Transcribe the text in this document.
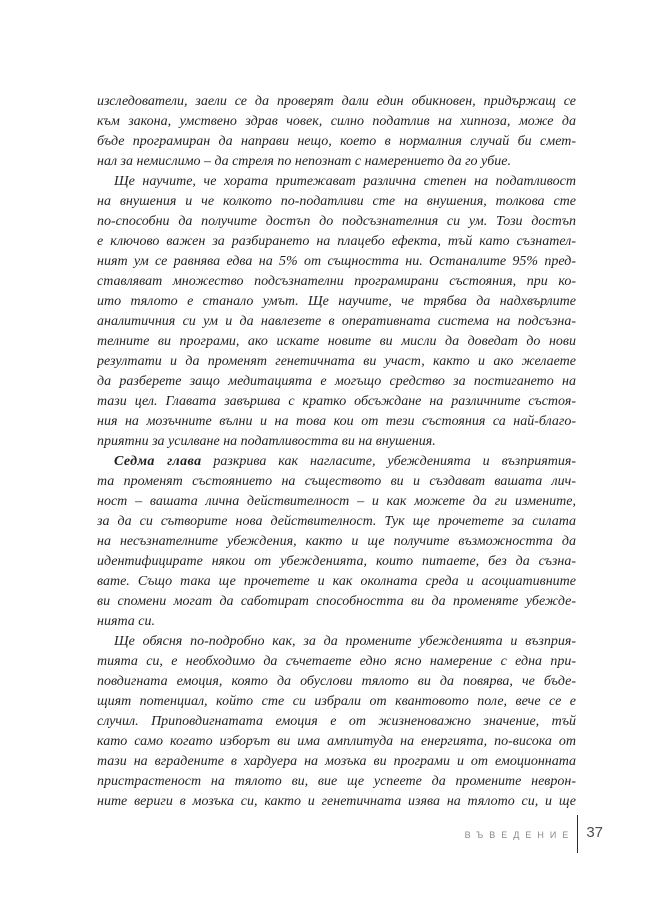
изследователи, заели се да проверят дали един обикновен, придържащ се
към закона, умствено здрав човек, силно податлив на хипноза, може да
бъде програмиран да направи нещо, което в нормалния случай би смет-
нал за немислимо – да стреля по непознат с намерението да го убие.
Ще научите, че хората притежават различна степен на податливост
на внушения и че колкото по-податливи сте на внушения, толкова сте
по-способни да получите достъп до подсъзнателния си ум. Този достъп
е ключово важен за разбирането на плацебо ефекта, тъй като съзнател-
ният ум се равнява едва на 5% от същността ни. Останалите 95% пред-
ставляват множество подсъзнателни програмирани състояния, при ко-
ито тялото е станало умът. Ще научите, че трябва да надхвърлите
аналитичния си ум и да навлезете в оперативната система на подсъзна-
телните ви програми, ако искате новите ви мисли да доведат до нови
резултати и да променят генетичната ви участ, както и ако желаете
да разберете защо медитацията е могъщо средство за постигането на
тази цел. Главата завършва с кратко обсъждане на различните състоя-
ния на мозъчните вълни и на това кои от тези състояния са най-благо-
приятни за усилване на податливостта ви на внушения.
Седма глава разкрива как нагласите, убежденията и възприятия-
та променят състоянието на съществото ви и създават вашата лич-
ност – вашата лична действителност – и как можете да ги измените,
за да си сътворите нова действителност. Тук ще прочетете за силата
на несъзнателните убеждения, както и ще получите възможността да
идентифицирате някои от убежденията, които питаете, без да съзна-
вате. Също така ще прочетете и как околната среда и асоциативните
ви спомени могат да саботират способността ви да променяте убежде-
нията си.
Ще обясня по-подробно как, за да промените убежденията и възприя-
тията си, е необходимо да съчетаете едно ясно намерение с една при-
повдигната емоция, която да обуслови тялото ви да повярва, че бъде-
щият потенциал, който сте си избрали от квантовото поле, вече се е
случил. Приповдигнатата емоция е от жизненоважно значение, тъй
като само когато изборът ви има амплитуда на енергията, по-висока от
тази на вградените в хардуера на мозъка ви програми и от емоционната
пристрастеност на тялото ви, вие ще успеете да промените неврон-
ните вериги в мозъка си, както и генетичната изява на тялото си, и ще
ВЪВЕДЕНИЕ 37
